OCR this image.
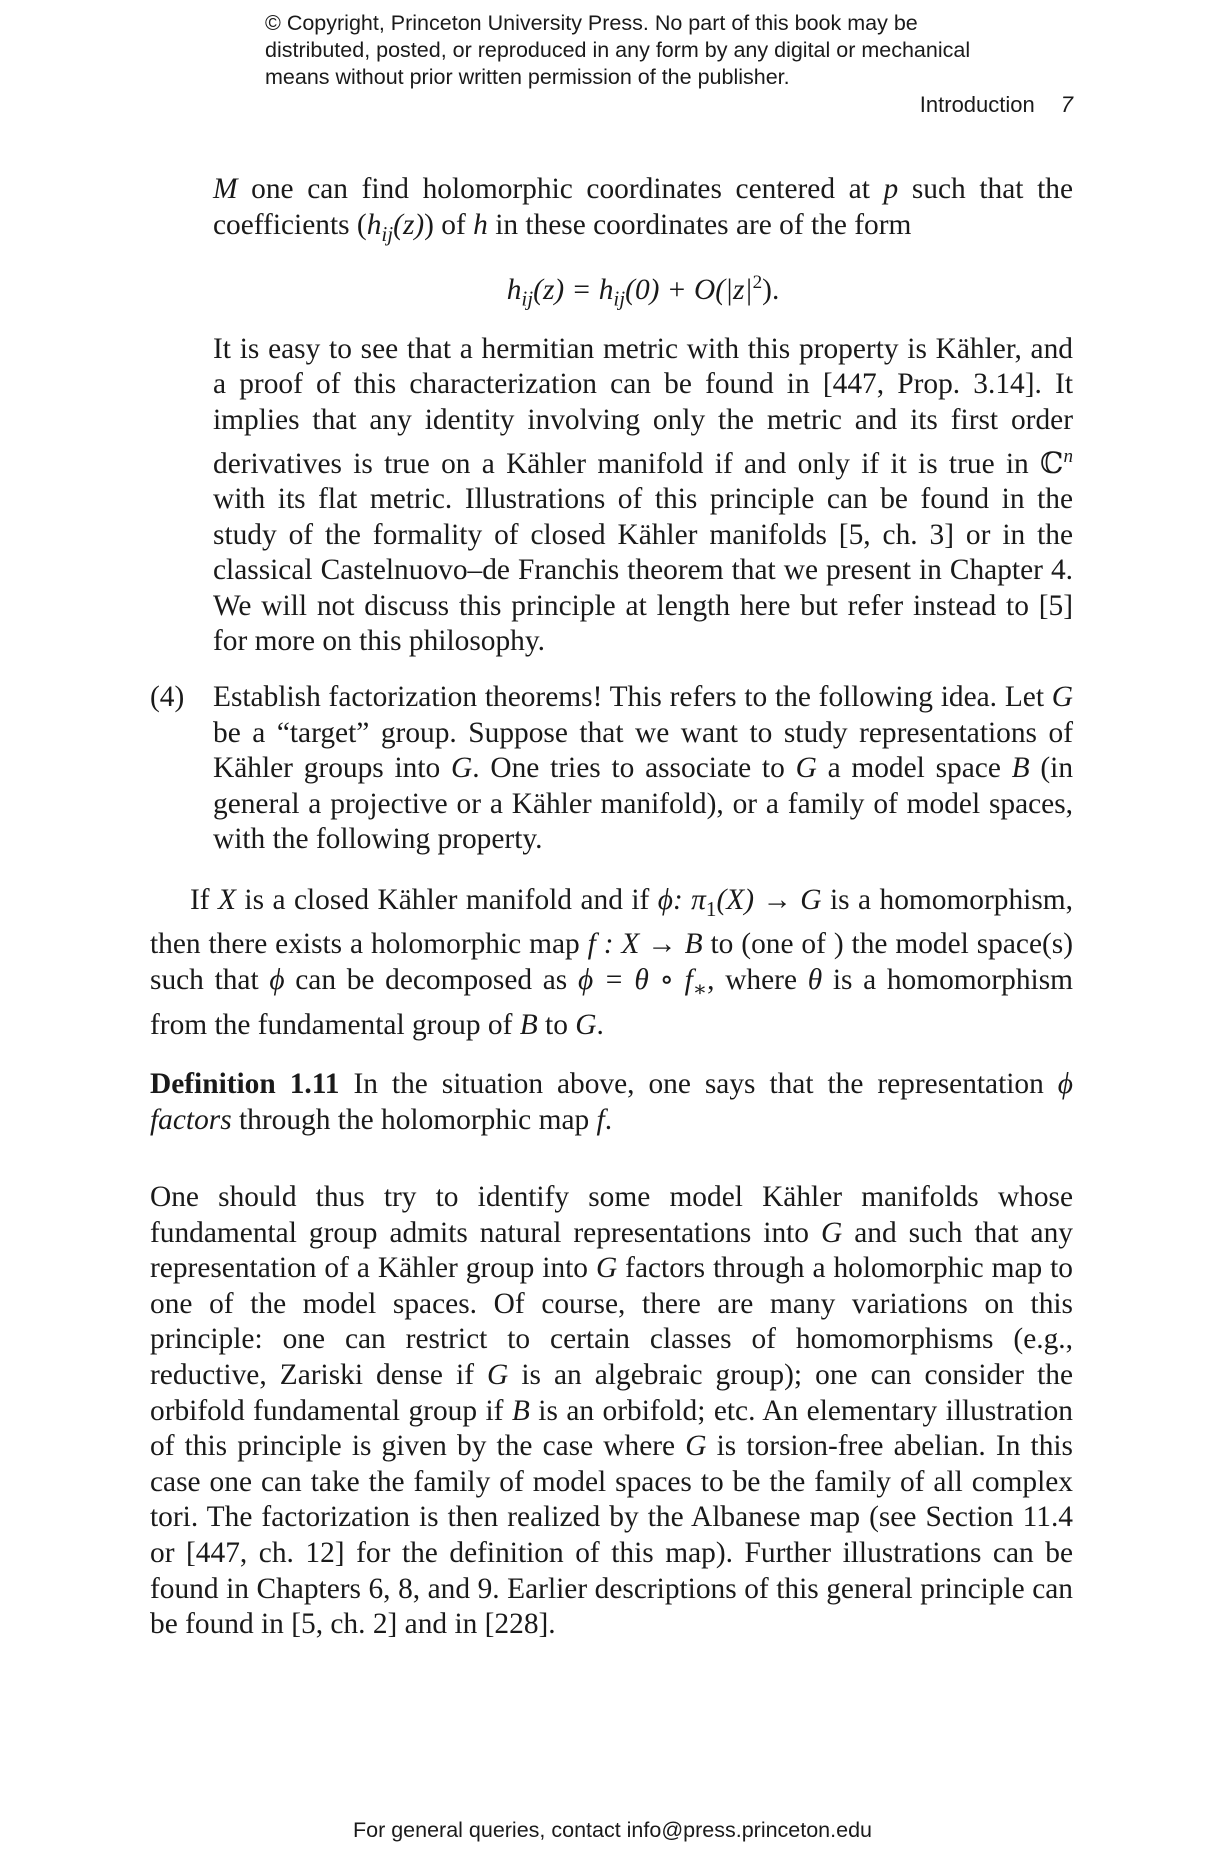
© Copyright, Princeton University Press. No part of this book may be
distributed, posted, or reproduced in any form by any digital or mechanical
means without prior written permission of the publisher.
Introduction 7

M one can find holomorphic coordinates centered at p such that the coefficients $(h_{ij}(z))$ of h in these coordinates are of the form

$h_{ij}(z) = h_{ij}(0) + O(|z|^2)$.

It is easy to see that a hermitian metric with this property is Kähler, and a proof of this characterization can be found in [447, Prop. 3.14]. It implies that any identity involving only the metric and its first order derivatives is true on a Kähler manifold if and only if it is true in ℂ$^n$ with its flat metric. Illustrations of this principle can be found in the study of the formality of closed Kähler manifolds [5, ch. 3] or in the classical Castelnuovo–de Franchis theorem that we present in Chapter 4. We will not discuss this principle at length here but refer instead to [5] for more on this philosophy.

(4) Establish factorization theorems! This refers to the following idea. Let G be a “target” group. Suppose that we want to study representations of Kähler groups into G. One tries to associate to G a model space B (in general a projective or a Kähler manifold), or a family of model spaces, with the following property.

If X is a closed Kähler manifold and if ϕ: $\pi_1(X) \to G$ is a homomorphism, then there exists a holomorphic map f : X → B to (one of ) the model space(s) such that ϕ can be decomposed as ϕ = θ ∘ $f_∗$, where θ is a homomorphism from the fundamental group of B to G.

Definition 1.11 In the situation above, one says that the representation ϕ factors through the holomorphic map f.

One should thus try to identify some model Kähler manifolds whose fundamental group admits natural representations into G and such that any representation of a Kähler group into G factors through a holomorphic map to one of the model spaces. Of course, there are many variations on this principle: one can restrict to certain classes of homomorphisms (e.g., reductive, Zariski dense if G is an algebraic group); one can consider the orbifold fundamental group if B is an orbifold; etc. An elementary illustration of this principle is given by the case where G is torsion-free abelian. In this case one can take the family of model spaces to be the family of all complex tori. The factorization is then realized by the Albanese map (see Section 11.4 or [447, ch. 12] for the definition of this map). Further illustrations can be found in Chapters 6, 8, and 9. Earlier descriptions of this general principle can be found in [5, ch. 2] and in [228].

For general queries, contact info@press.princeton.edu
